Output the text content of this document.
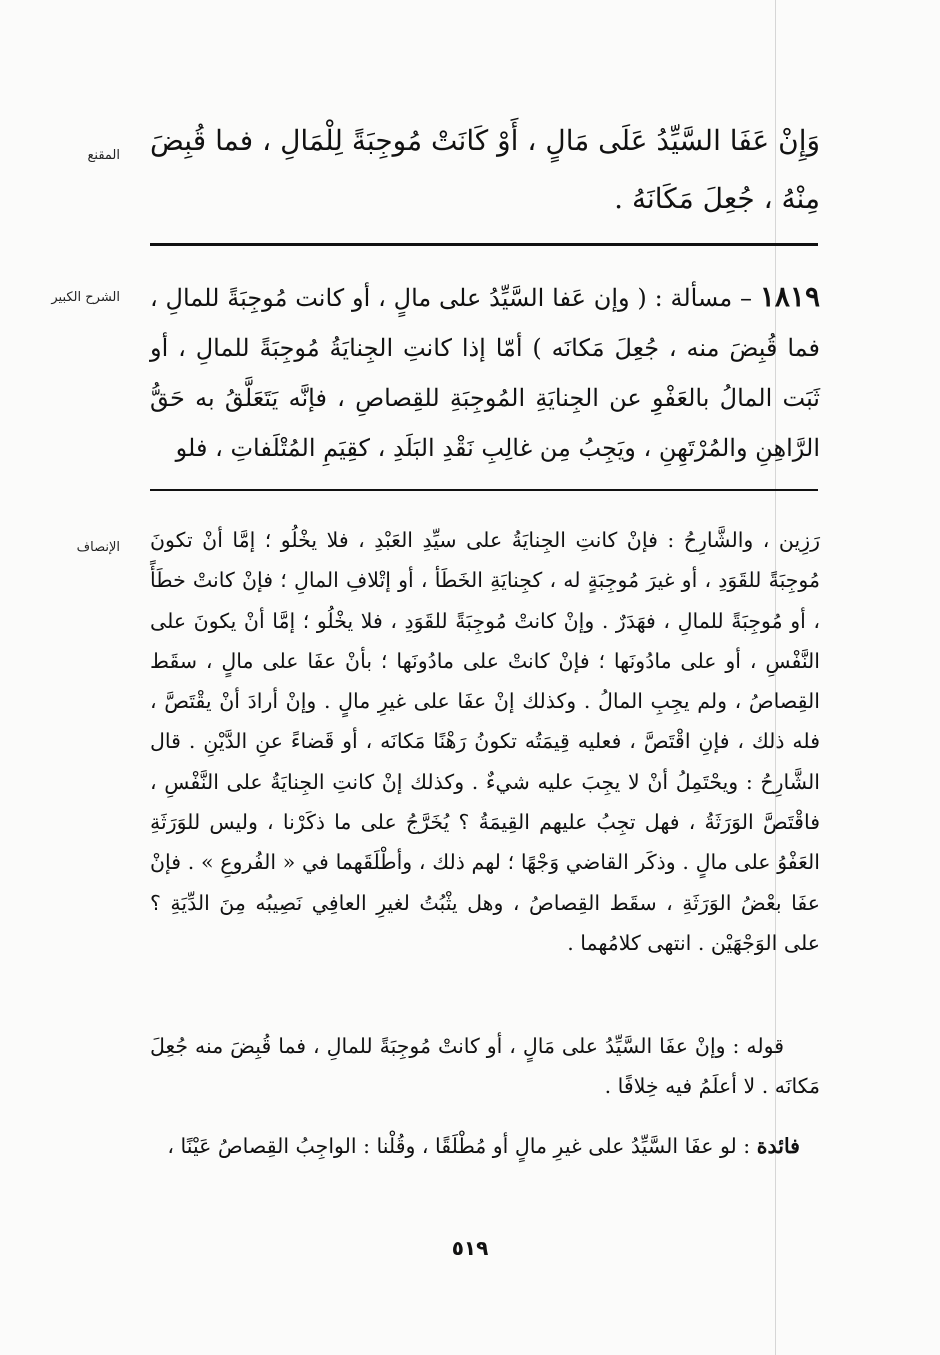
المقنع وَإِنْ عَفَا السَّيِّدُ عَلَى مَالٍ ، أَوْ كَانَتْ مُوجِبَةً لِلْمَالِ ، فما قُبِضَ مِنْهُ ، جُعِلَ مَكَانَهُ .
الشرح الكبير	١٨١٩ – مسألة : ( وإن عَفا السَّيِّدُ على مالٍ ، أو كانت مُوجِبَةً للمالِ ، فما قُبِضَ منه ، جُعِلَ مَكانَه ) أمّا إذا كانتِ الجِنايَةُ مُوجِبَةً للمالِ ، أو ثَبَت المالُ بالعَفْوِ عن الجِنايَةِ المُوجِبَةِ للقِصاصِ ، فإنَّه يَتَعَلَّقُ به حَقُّ الرَّاهِنِ والمُرْتَهِنِ ، ويَجِبُ مِن غالِبِ نَقْدِ البَلَدِ ، كقِيَمِ المُتْلَفاتِ ، فلو
الإنصاف رَزِين ، والشَّارِحُ : فإنْ كانتِ الجِنايَةُ على سيِّدِ العَبْدِ ، فلا يخْلُو ؛ إمَّا أنْ تكونَ مُوجِبَةً للقَوَدِ ، أو غيرَ مُوجِبَةٍ له ، كجِنايَةِ الخَطَأ ، أو إتْلافِ المالِ ؛ فإنْ كانتْ خطَأً ، أو مُوجِبَةً للمالِ ، فهَدَرٌ . وإنْ كانتْ مُوجِبَةً للقَوَدِ ، فلا يخْلُو ؛ إمَّا أنْ يكونَ على النَّفْسِ ، أو على مادُونَها ؛ فإنْ كانتْ على مادُونَها ؛ بأنْ عفَا على مالٍ ، سقَط القِصاصُ ، ولم يجِبِ المالُ . وكذلك إنْ عفَا على غيرِ مالٍ . وإنْ أرادَ أنْ يقْتَصَّ ، فله ذلك ، فإنِ اقْتَصَّ ، فعليه قِيمَتُه تكونُ رَهْنًا مَكانَه ، أو قَضاءً عنِ الدَّيْنِ . قال الشَّارِحُ : ويحْتَمِلُ أنْ لا يجِبَ عليه شيءٌ . وكذلك إنْ كانتِ الجِنايَةُ على النَّفْسِ ، فاقْتَصَّ الوَرَثَةُ ، فهل تجِبُ عليهم القِيمَةُ ؟ يُخَرَّجُ على ما ذكَرْنا ، وليس للوَرَثَةِ العَفْوُ على مالٍ . وذكَر القاضي وَجْهًا ؛ لهم ذلك ، وأطْلَقَهما في « الفُروعِ » . فإنْ عفَا بعْضُ الوَرَثَةِ ، سقَط القِصاصُ ، وهل يثْبُتُ لغيرِ العافِي نَصِيبُه مِنَ الدِّيَةِ ؟ على الوَجْهَيْن . انتهى كلامُهما .
قوله : وإنْ عفَا السَّيِّدُ على مَالٍ ، أو كانتْ مُوجِبَةً للمالِ ، فما قُبِضَ منه جُعِلَ مَكانَه . لا أعلَمُ فيه خِلافًا .
فائدة : لو عفَا السَّيِّدُ على غيرِ مالٍ أو مُطْلَقًا ، وقُلْنا : الواجِبُ القِصاصُ عَيْنًا ،
٥١٩
